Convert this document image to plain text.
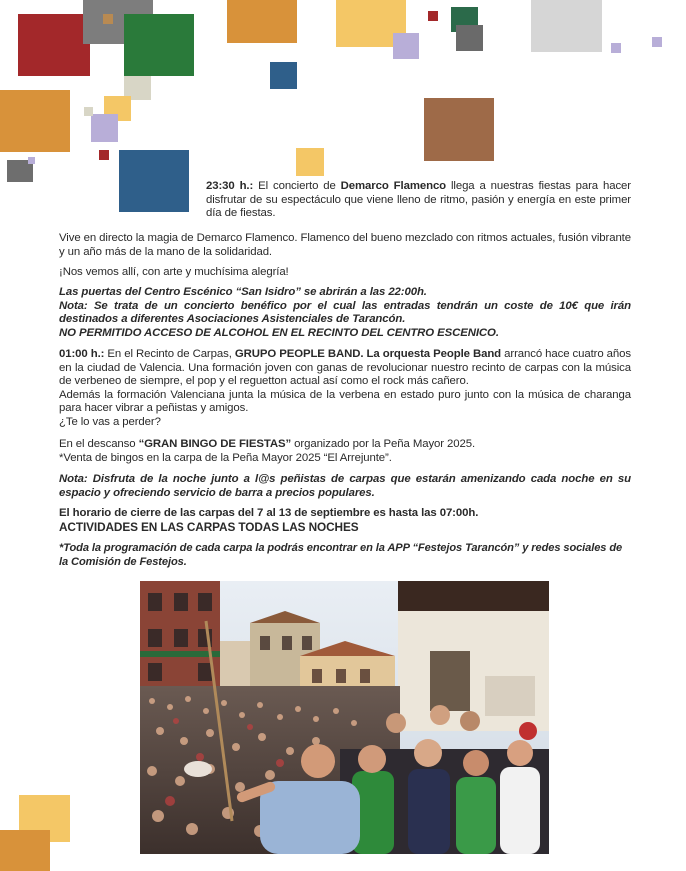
23:30 h.: El concierto de Demarco Flamenco llega a nuestras fiestas para hacer disfrutar de su espectáculo que viene lleno de ritmo, pasión y energía en este primer día de fiestas.
Vive en directo la magia de Demarco Flamenco. Flamenco del bueno mezclado con ritmos actuales, fusión vibrante y un año más de la mano de la solidaridad.
¡Nos vemos allí, con arte y muchísima alegría!

Las puertas del Centro Escénico “San Isidro” se abrirán a las 22:00h.

Nota: Se trata de un concierto benéfico por el cual las entradas tendrán un coste de 10€ que irán destinados a diferentes Asociaciones Asistenciales de Tarancón.

NO PERMITIDO ACCESO DE ALCOHOL EN EL RECINTO DEL CENTRO ESCENICO.

01:00 h.: En el Recinto de Carpas, GRUPO PEOPLE BAND. La orquesta People Band arrancó hace cuatro años en la ciudad de Valencia. Una formación joven con ganas de revolucionar nuestro recinto de carpas con la música de verbeneo de siempre, el pop y el reguetton actual así como el rock más cañero.

Además la formación Valenciana junta la música de la verbena en estado puro junto con la música de charanga para hacer vibrar a peñistas y amigos.

¿Te lo vas a perder?

En el descanso “GRAN BINGO DE FIESTAS” organizado por la Peña Mayor 2025.

*Venta de bingos en la carpa de la Peña Mayor 2025 “El Arrejunte”.

Nota: Disfruta de la noche junto a l@s peñistas de carpas que estarán amenizando cada noche en su espacio y ofreciendo servicio de barra a precios populares.

El horario de cierre de las carpas del 7 al 13 de septiembre es hasta las 07:00h.

ACTIVIDADES EN LAS CARPAS TODAS LAS NOCHES

*Toda la programación de cada carpa la podrás encontrar en la APP “Festejos Tarancón” y redes sociales de la Comisión de Festejos.
